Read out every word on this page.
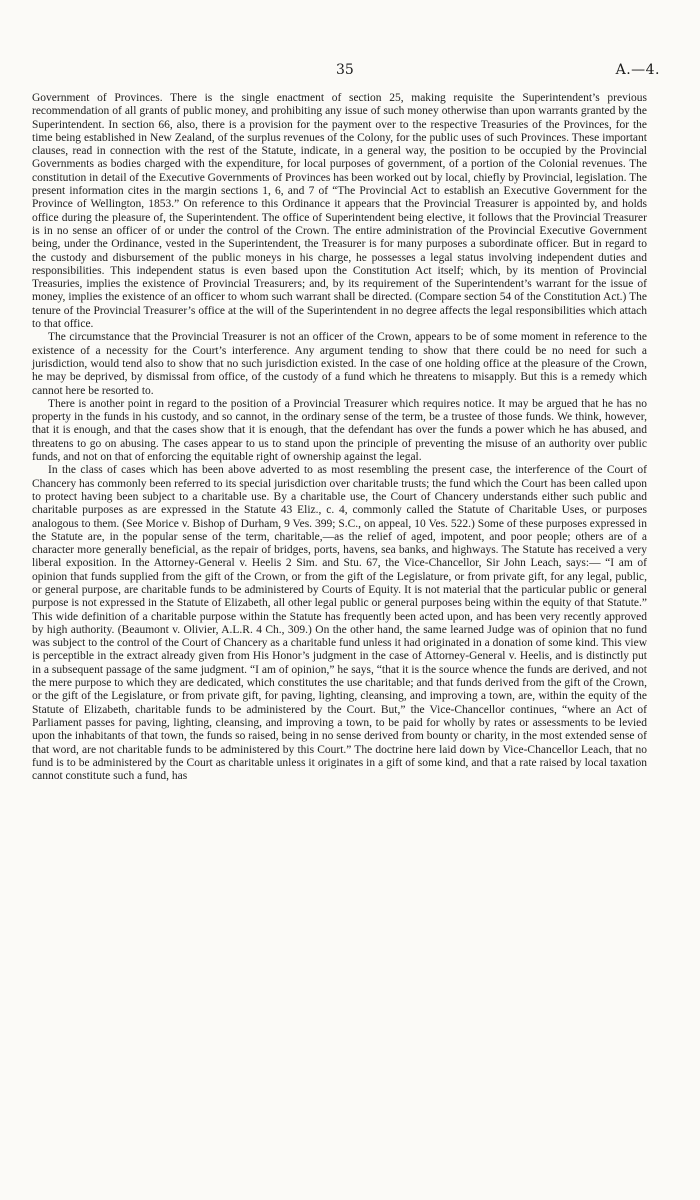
35	A.—4.

Government of Provinces. There is the single enactment of section 25, making requisite the Superintendent’s previous recommendation of all grants of public money, and prohibiting any issue of such money otherwise than upon warrants granted by the Superintendent. In section 66, also, there is a provision for the payment over to the respective Treasuries of the Provinces, for the time being established in New Zealand, of the surplus revenues of the Colony, for the public uses of such Provinces. These important clauses, read in connection with the rest of the Statute, indicate, in a general way, the position to be occupied by the Provincial Governments as bodies charged with the expenditure, for local purposes of government, of a portion of the Colonial revenues. The constitution in detail of the Executive Governments of Provinces has been worked out by local, chiefly by Provincial, legislation. The present information cites in the margin sections 1, 6, and 7 of “The Provincial Act to establish an Executive Government for the Province of Wellington, 1853.” On reference to this Ordinance it appears that the Provincial Treasurer is appointed by, and holds office during the pleasure of, the Superintendent. The office of Superintendent being elective, it follows that the Provincial Treasurer is in no sense an officer of or under the control of the Crown. The entire administration of the Provincial Executive Government being, under the Ordinance, vested in the Superintendent, the Treasurer is for many purposes a subordinate officer. But in regard to the custody and disbursement of the public moneys in his charge, he possesses a legal status involving independent duties and responsibilities. This independent status is even based upon the Constitution Act itself; which, by its mention of Provincial Treasuries, implies the existence of Provincial Treasurers; and, by its requirement of the Superintendent’s warrant for the issue of money, implies the existence of an officer to whom such warrant shall be directed. (Compare section 54 of the Constitution Act.) The tenure of the Provincial Treasurer’s office at the will of the Superintendent in no degree affects the legal responsibilities which attach to that office.

The circumstance that the Provincial Treasurer is not an officer of the Crown, appears to be of some moment in reference to the existence of a necessity for the Court’s interference. Any argument tending to show that there could be no need for such a jurisdiction, would tend also to show that no such jurisdiction existed. In the case of one holding office at the pleasure of the Crown, he may be deprived, by dismissal from office, of the custody of a fund which he threatens to misapply. But this is a remedy which cannot here be resorted to.

There is another point in regard to the position of a Provincial Treasurer which requires notice. It may be argued that he has no property in the funds in his custody, and so cannot, in the ordinary sense of the term, be a trustee of those funds. We think, however, that it is enough, and that the cases show that it is enough, that the defendant has over the funds a power which he has abused, and threatens to go on abusing. The cases appear to us to stand upon the principle of preventing the misuse of an authority over public funds, and not on that of enforcing the equitable right of ownership against the legal.

In the class of cases which has been above adverted to as most resembling the present case, the interference of the Court of Chancery has commonly been referred to its special jurisdiction over charitable trusts; the fund which the Court has been called upon to protect having been subject to a charitable use. By a charitable use, the Court of Chancery understands either such public and charitable purposes as are expressed in the Statute 43 Eliz., c. 4, commonly called the Statute of Charitable Uses, or purposes analogous to them. (See Morice v. Bishop of Durham, 9 Ves. 399; S.C., on appeal, 10 Ves. 522.) Some of these purposes expressed in the Statute are, in the popular sense of the term, charitable,—as the relief of aged, impotent, and poor people; others are of a character more generally beneficial, as the repair of bridges, ports, havens, sea banks, and highways. The Statute has received a very liberal exposition. In the Attorney-General v. Heelis 2 Sim. and Stu. 67, the Vice-Chancellor, Sir John Leach, says:— “I am of opinion that funds supplied from the gift of the Crown, or from the gift of the Legislature, or from private gift, for any legal, public, or general purpose, are charitable funds to be administered by Courts of Equity. It is not material that the particular public or general purpose is not expressed in the Statute of Elizabeth, all other legal public or general purposes being within the equity of that Statute.” This wide definition of a charitable purpose within the Statute has frequently been acted upon, and has been very recently approved by high authority. (Beaumont v. Olivier, A.L.R. 4 Ch., 309.) On the other hand, the same learned Judge was of opinion that no fund was subject to the control of the Court of Chancery as a charitable fund unless it had originated in a donation of some kind. This view is perceptible in the extract already given from His Honor’s judgment in the case of Attorney-General v. Heelis, and is distinctly put in a subsequent passage of the same judgment. “I am of opinion,” he says, “that it is the source whence the funds are derived, and not the mere purpose to which they are dedicated, which constitutes the use charitable; and that funds derived from the gift of the Crown, or the gift of the Legislature, or from private gift, for paving, lighting, cleansing, and improving a town, are, within the equity of the Statute of Elizabeth, charitable funds to be administered by the Court. But,” the Vice-Chancellor continues, “where an Act of Parliament passes for paving, lighting, cleansing, and improving a town, to be paid for wholly by rates or assessments to be levied upon the inhabitants of that town, the funds so raised, being in no sense derived from bounty or charity, in the most extended sense of that word, are not charitable funds to be administered by this Court.” The doctrine here laid down by Vice-Chancellor Leach, that no fund is to be administered by the Court as charitable unless it originates in a gift of some kind, and that a rate raised by local taxation cannot constitute such a fund, has
